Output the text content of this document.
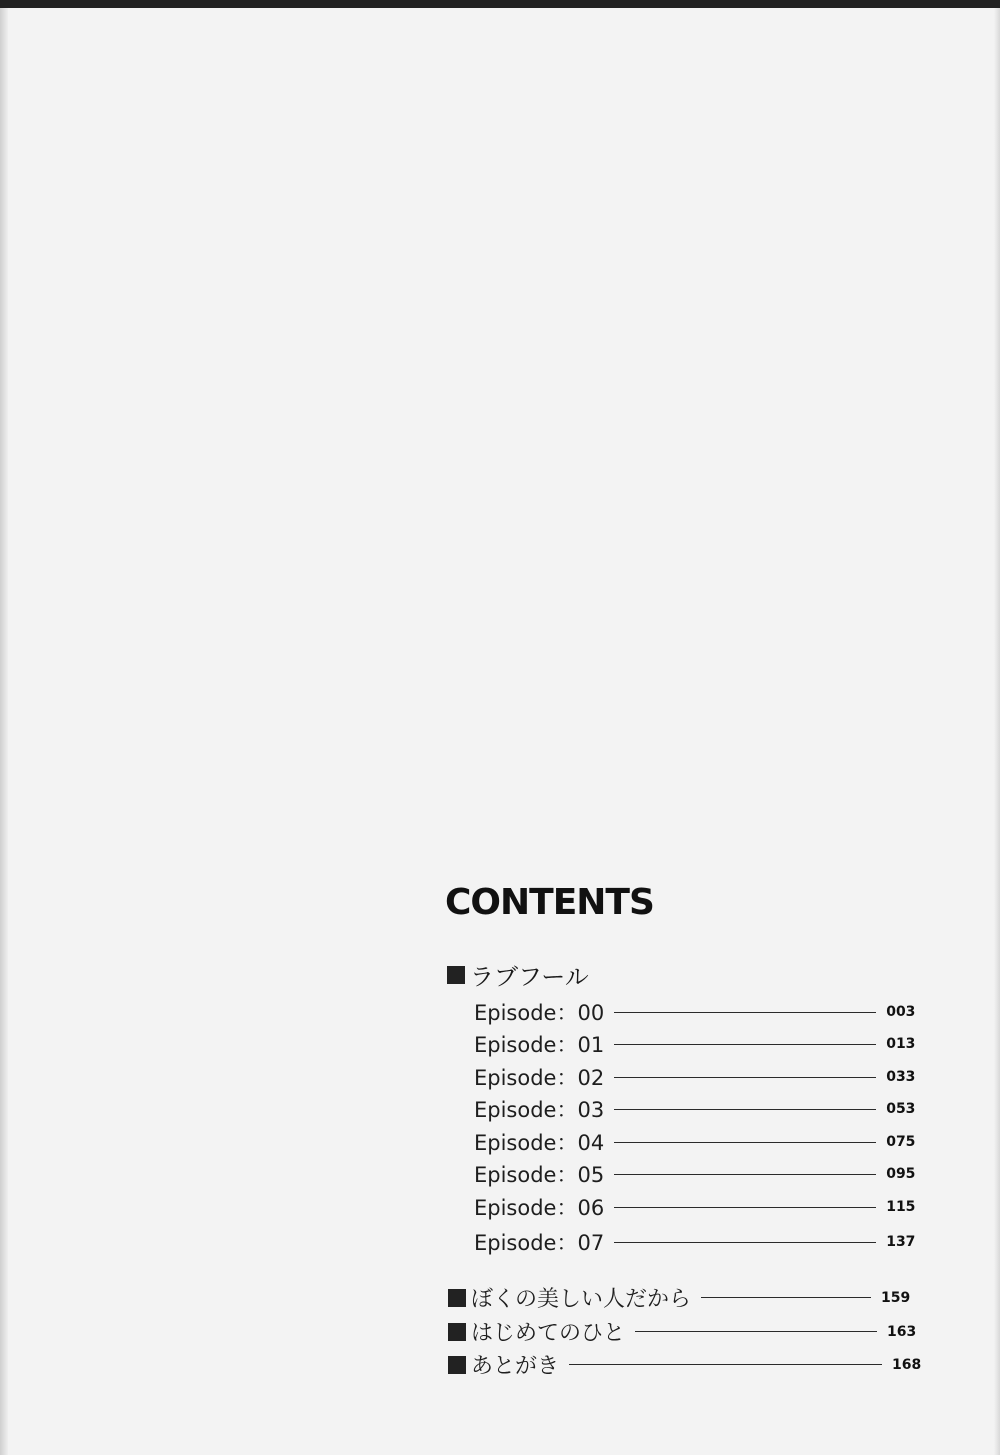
CONTENTS
ラブフール
Episode：00	003
Episode：01	013
Episode：02	033
Episode：03	053
Episode：04	075
Episode：05	095
Episode：06	115
Episode：07	137
ぼくの美しい人だから	159
はじめてのひと	163
あとがき	168
